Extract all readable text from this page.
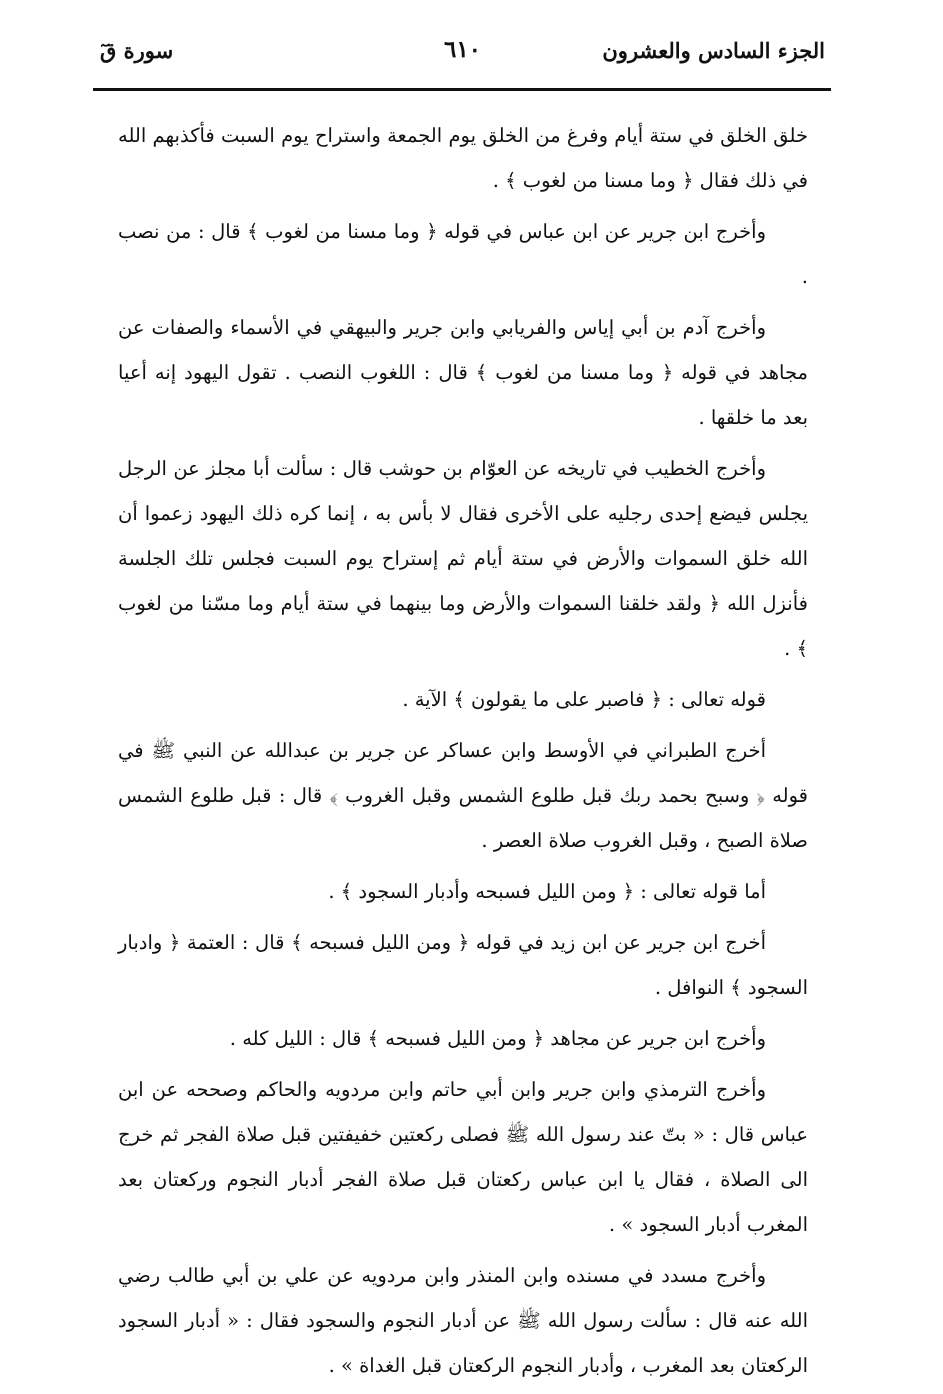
الجزء السادس والعشرون
٦١٠
سورة قٓ

خلق الخلق في ستة أيام وفرغ من الخلق يوم الجمعة واستراح يوم السبت فأكذبهم الله في ذلك فقال ﴿ وما مسنا من لغوب ﴾ .

وأخرج ابن جرير عن ابن عباس في قوله ﴿ وما مسنا من لغوب ﴾ قال : من نصب .

وأخرج آدم بن أبي إياس والفريابي وابن جرير والبيهقي في الأسماء والصفات عن مجاهد في قوله ﴿ وما مسنا من لغوب ﴾ قال : اللغوب النصب . تقول اليهود إنه أعيا بعد ما خلقها .

وأخرج الخطيب في تاريخه عن العوّام بن حوشب قال : سألت أبا مجلز عن الرجل يجلس فيضع إحدى رجليه على الأخرى فقال لا بأس به ، إنما كره ذلك اليهود زعموا أن الله خلق السموات والأرض في ستة أيام ثم إستراح يوم السبت فجلس تلك الجلسة فأنزل الله ﴿ ولقد خلقنا السموات والأرض وما بينهما في ستة أيام وما مسّنا من لغوب ﴾ .

قوله تعالى : ﴿ فاصبر على ما يقولون ﴾ الآية .

أخرج الطبراني في الأوسط وابن عساكر عن جرير بن عبدالله عن النبي ﷺ في قوله ﴿ وسبح بحمد ربك قبل طلوع الشمس وقبل الغروب ﴾ قال : قبل طلوع الشمس صلاة الصبح ، وقبل الغروب صلاة العصر .

أما قوله تعالى : ﴿ ومن الليل فسبحه وأدبار السجود ﴾ .

أخرج ابن جرير عن ابن زيد في قوله ﴿ ومن الليل فسبحه ﴾ قال : العتمة ﴿ وادبار السجود ﴾ النوافل .

وأخرج ابن جرير عن مجاهد ﴿ ومن الليل فسبحه ﴾ قال : الليل كله .

وأخرج الترمذي وابن جرير وابن أبي حاتم وابن مردويه والحاكم وصححه عن ابن عباس قال : « بتّ عند رسول الله ﷺ فصلى ركعتين خفيفتين قبل صلاة الفجر ثم خرج الى الصلاة ، فقال يا ابن عباس ركعتان قبل صلاة الفجر أدبار النجوم وركعتان بعد المغرب أدبار السجود » .

وأخرج مسدد في مسنده وابن المنذر وابن مردويه عن علي بن أبي طالب رضي الله عنه قال : سألت رسول الله ﷺ عن أدبار النجوم والسجود فقال : « أدبار السجود الركعتان بعد المغرب ، وأدبار النجوم الركعتان قبل الغداة » .
